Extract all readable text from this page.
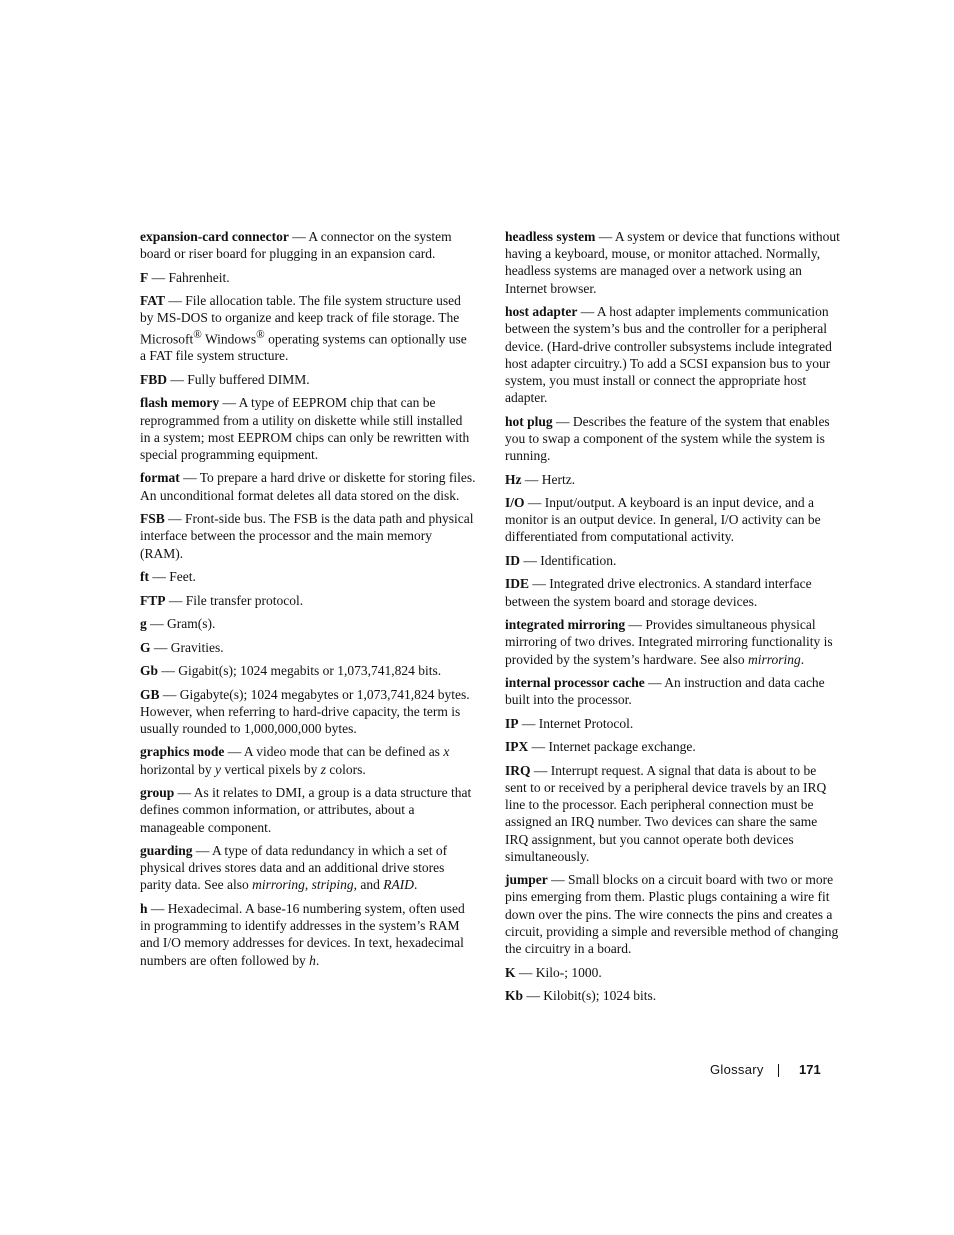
expansion-card connector — A connector on the system board or riser board for plugging in an expansion card.

F — Fahrenheit.

FAT — File allocation table. The file system structure used by MS-DOS to organize and keep track of file storage. The Microsoft® Windows® operating systems can optionally use a FAT file system structure.

FBD — Fully buffered DIMM.

flash memory — A type of EEPROM chip that can be reprogrammed from a utility on diskette while still installed in a system; most EEPROM chips can only be rewritten with special programming equipment.

format — To prepare a hard drive or diskette for storing files. An unconditional format deletes all data stored on the disk.

FSB — Front-side bus. The FSB is the data path and physical interface between the processor and the main memory (RAM).

ft — Feet.

FTP — File transfer protocol.

g — Gram(s).

G — Gravities.

Gb — Gigabit(s); 1024 megabits or 1,073,741,824 bits.

GB — Gigabyte(s); 1024 megabytes or 1,073,741,824 bytes. However, when referring to hard-drive capacity, the term is usually rounded to 1,000,000,000 bytes.

graphics mode — A video mode that can be defined as x horizontal by y vertical pixels by z colors.

group — As it relates to DMI, a group is a data structure that defines common information, or attributes, about a manageable component.

guarding — A type of data redundancy in which a set of physical drives stores data and an additional drive stores parity data. See also mirroring, striping, and RAID.

h — Hexadecimal. A base-16 numbering system, often used in programming to identify addresses in the system’s RAM and I/O memory addresses for devices. In text, hexadecimal numbers are often followed by h.

headless system — A system or device that functions without having a keyboard, mouse, or monitor attached. Normally, headless systems are managed over a network using an Internet browser.

host adapter — A host adapter implements communication between the system’s bus and the controller for a peripheral device. (Hard-drive controller subsystems include integrated host adapter circuitry.) To add a SCSI expansion bus to your system, you must install or connect the appropriate host adapter.

hot plug — Describes the feature of the system that enables you to swap a component of the system while the system is running.

Hz — Hertz.

I/O — Input/output. A keyboard is an input device, and a monitor is an output device. In general, I/O activity can be differentiated from computational activity.

ID — Identification.

IDE — Integrated drive electronics. A standard interface between the system board and storage devices.

integrated mirroring — Provides simultaneous physical mirroring of two drives. Integrated mirroring functionality is provided by the system’s hardware. See also mirroring.

internal processor cache — An instruction and data cache built into the processor.

IP — Internet Protocol.

IPX — Internet package exchange.

IRQ — Interrupt request. A signal that data is about to be sent to or received by a peripheral device travels by an IRQ line to the processor. Each peripheral connection must be assigned an IRQ number. Two devices can share the same IRQ assignment, but you cannot operate both devices simultaneously.

jumper — Small blocks on a circuit board with two or more pins emerging from them. Plastic plugs containing a wire fit down over the pins. The wire connects the pins and creates a circuit, providing a simple and reversible method of changing the circuitry in a board.

K — Kilo-; 1000.

Kb — Kilobit(s); 1024 bits.

Glossary	171
